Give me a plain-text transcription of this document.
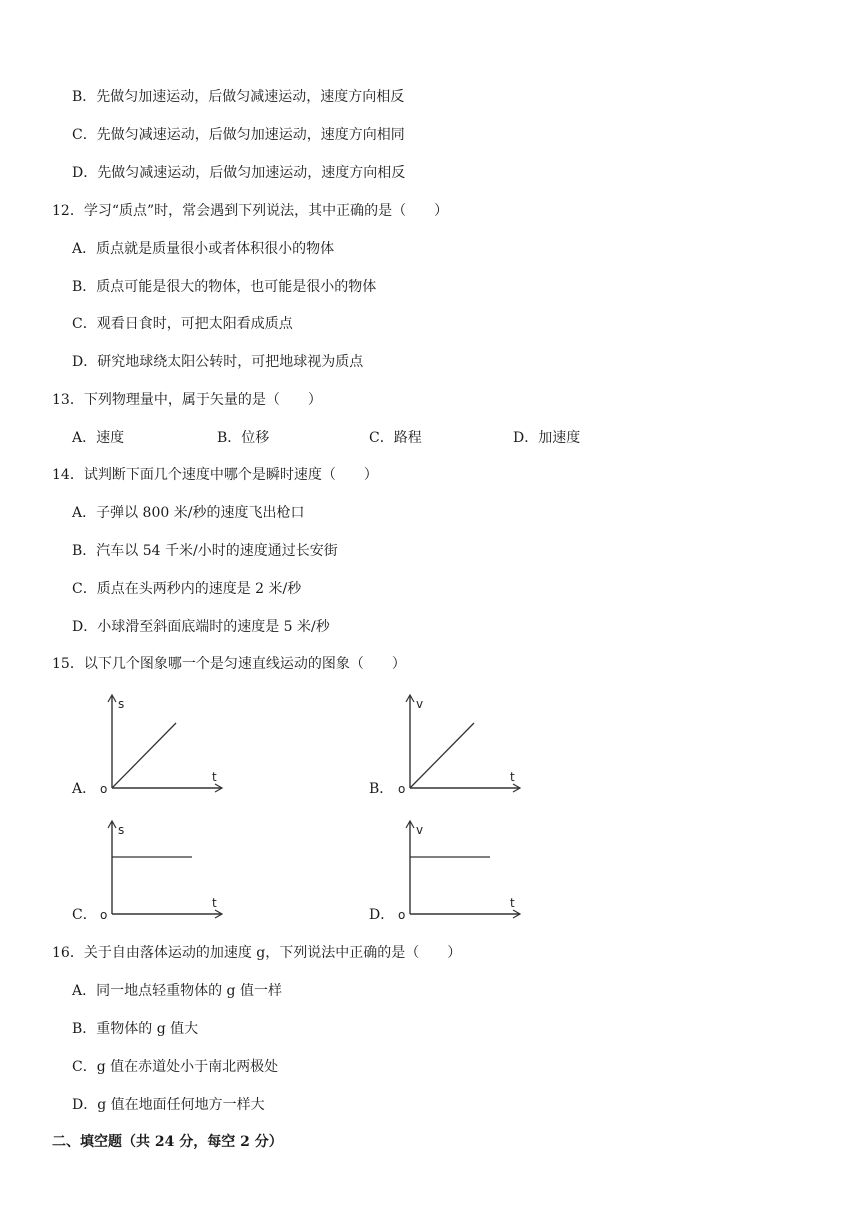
B．先做匀加速运动，后做匀减速运动，速度方向相反
C．先做匀减速运动，后做匀加速运动，速度方向相同
D．先做匀减速运动，后做匀加速运动，速度方向相反
12．学习“质点”时，常会遇到下列说法，其中正确的是（　　）
A．质点就是质量很小或者体积很小的物体
B．质点可能是很大的物体，也可能是很小的物体
C．观看日食时，可把太阳看成质点
D．研究地球绕太阳公转时，可把地球视为质点
13．下列物理量中，属于矢量的是（　　）
A．速度	B．位移	C．路程	D．加速度
14．试判断下面几个速度中哪个是瞬时速度（　　）
A．子弹以 800 米/秒的速度飞出枪口
B．汽车以 54 千米/小时的速度通过长安街
C．质点在头两秒内的速度是 2 米/秒
D．小球滑至斜面底端时的速度是 5 米/秒
15．以下几个图象哪一个是匀速直线运动的图象（　　）
A．
s
t
o	B．
v
t
o
C．
s
t
o	D．
v
t
o
16．关于自由落体运动的加速度 g，下列说法中正确的是（　　）
A．同一地点轻重物体的 g 值一样
B．重物体的 g 值大
C．g 值在赤道处小于南北两极处
D．g 值在地面任何地方一样大
二、填空题（共 24 分，每空 2 分）
